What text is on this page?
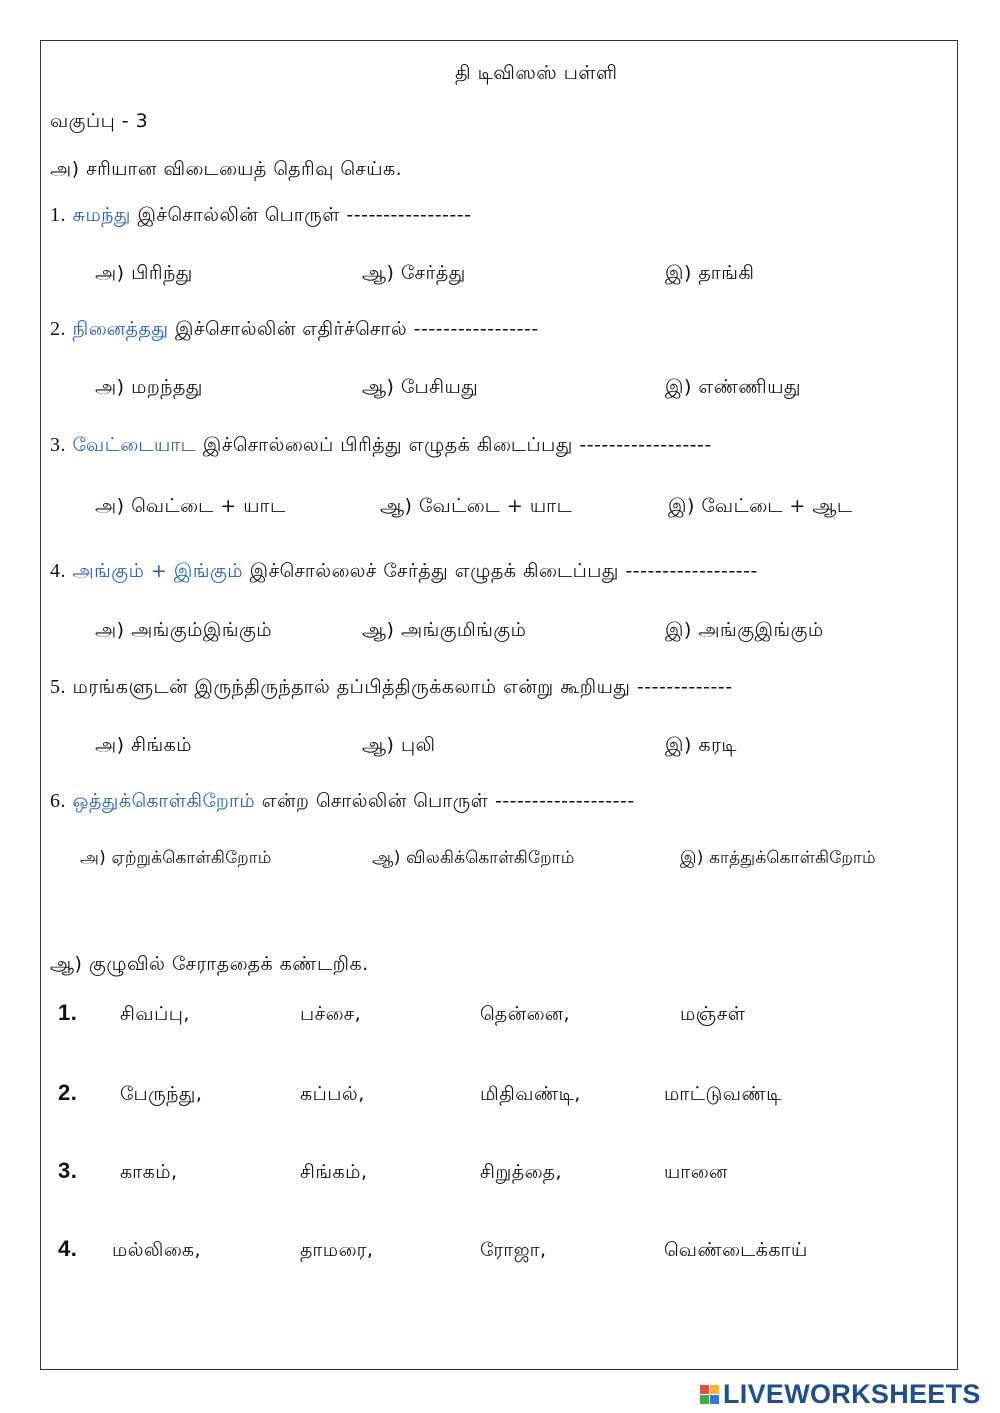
தி டிவிஸஸ் பள்ளி
வகுப்பு - 3
அ) சரியான விடையைத் தெரிவு செய்க.
1. சுமந்து இச்சொல்லின் பொருள் -----------------
அ) பிரிந்து	ஆ) சேர்த்து	இ) தாங்கி
2. நினைத்தது இச்சொல்லின் எதிர்ச்சொல் -----------------
அ) மறந்தது	ஆ) பேசியது	இ) எண்ணியது
3. வேட்டையாட இச்சொல்லைப் பிரித்து எழுதக் கிடைப்பது ------------------
அ) வெட்டை + யாட	ஆ) வேட்டை + யாட	இ) வேட்டை + ஆட
4. அங்கும் + இங்கும் இச்சொல்லைச் சேர்த்து எழுதக் கிடைப்பது ------------------
அ) அங்கும்இங்கும்	ஆ) அங்குமிங்கும்	இ) அங்குஇங்கும்
5. மரங்களுடன் இருந்திருந்தால் தப்பித்திருக்கலாம் என்று கூறியது -------------
அ) சிங்கம்	ஆ) புலி	இ) கரடி
6. ஒத்துக்கொள்கிறோம் என்ற சொல்லின் பொருள் -------------------
அ) ஏற்றுக்கொள்கிறோம்	ஆ) விலகிக்கொள்கிறோம்	இ) காத்துக்கொள்கிறோம்
ஆ) குழுவில் சேராததைக் கண்டறிக.
1. சிவப்பு,	பச்சை,	தென்னை,	மஞ்சள்
2. பேருந்து,	கப்பல்,	மிதிவண்டி,	மாட்டுவண்டி
3. காகம்,	சிங்கம்,	சிறுத்தை,	யானை
4. மல்லிகை,	தாமரை,	ரோஜா,	வெண்டைக்காய்
LIVEWORKSHEETS
